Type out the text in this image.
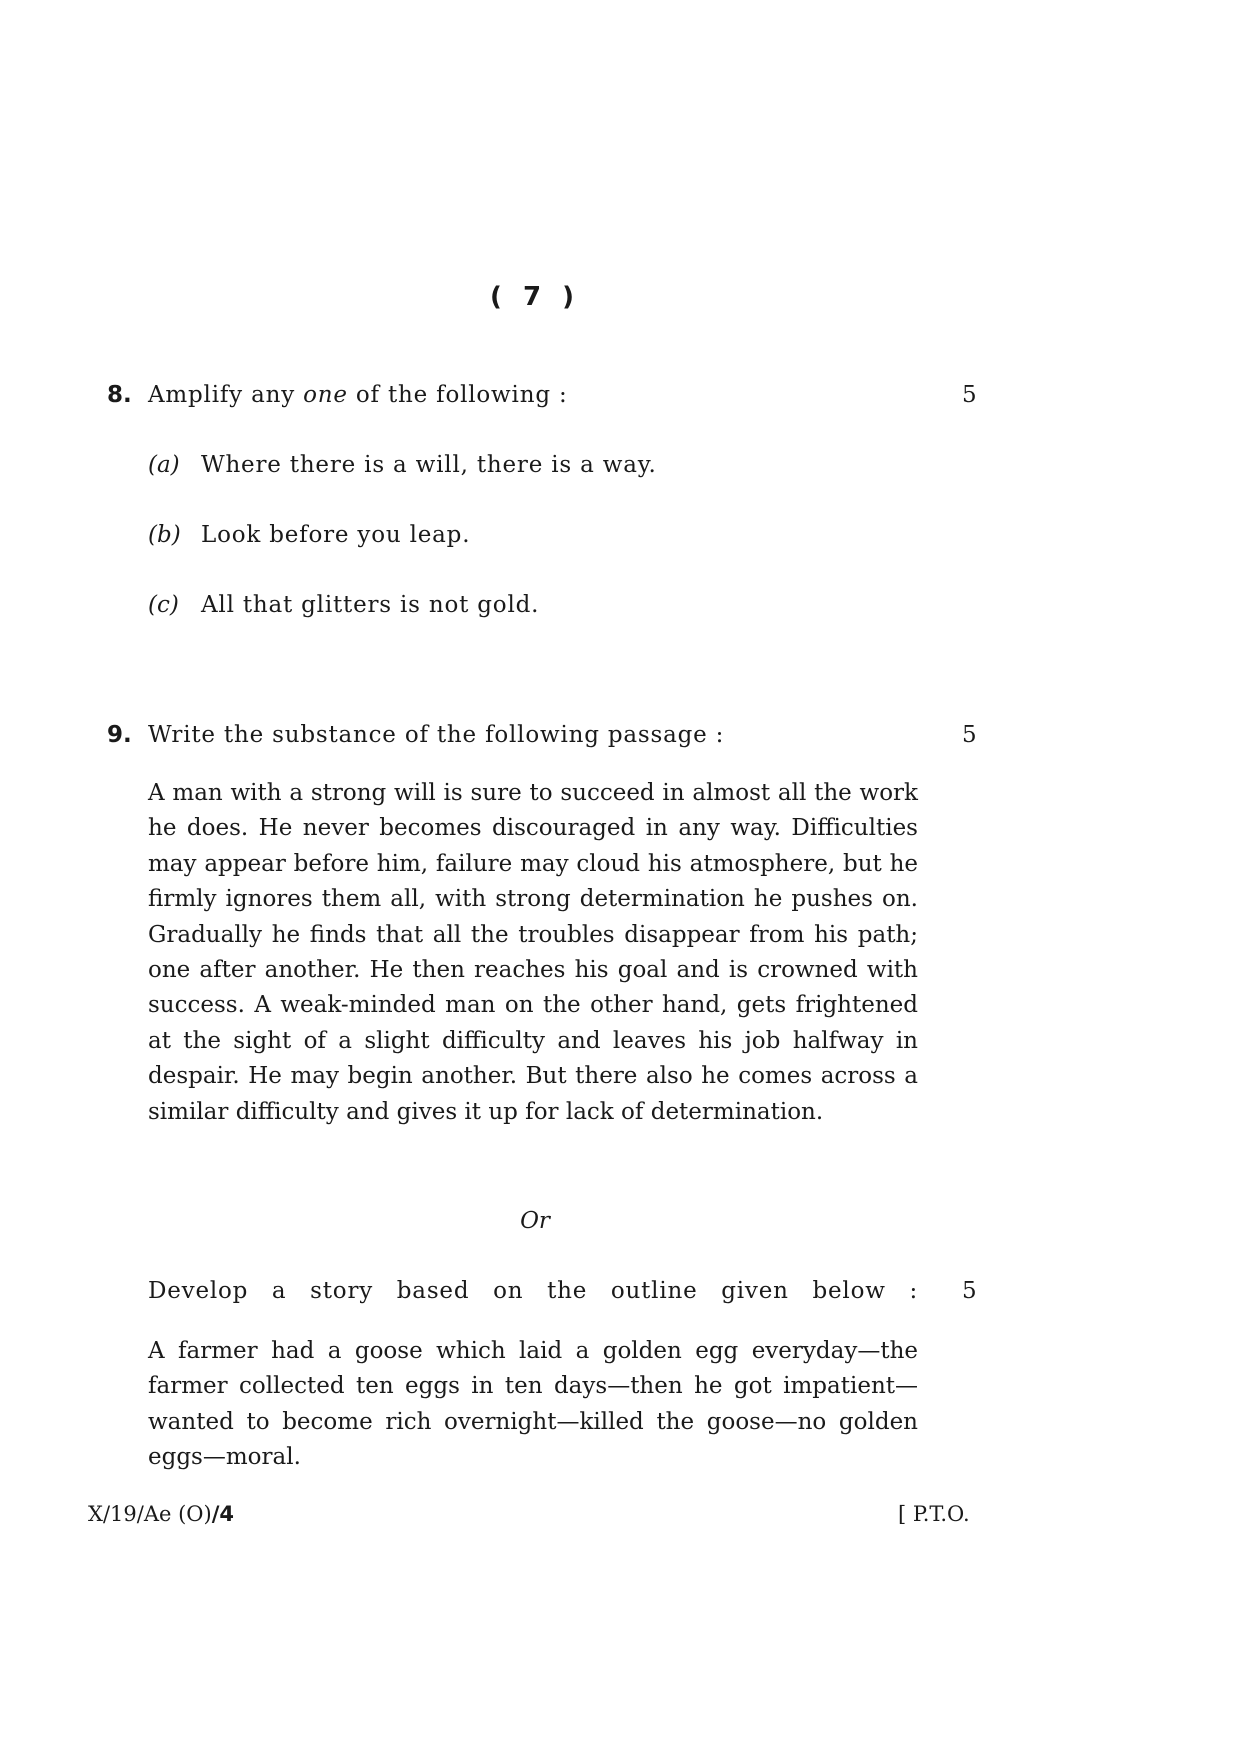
( 7 )
8. Amplify any one of the following :	5
(a) Where there is a will, there is a way.
(b) Look before you leap.
(c) All that glitters is not gold.
9. Write the substance of the following passage :	5
A man with a strong will is sure to succeed in almost all the work he does. He never becomes discouraged in any way. Difficulties may appear before him, failure may cloud his atmosphere, but he firmly ignores them all, with strong determination he pushes on. Gradually he finds that all the troubles disappear from his path; one after another. He then reaches his goal and is crowned with success. A weak-minded man on the other hand, gets frightened at the sight of a slight difficulty and leaves his job halfway in despair. He may begin another. But there also he comes across a similar difficulty and gives it up for lack of determination.
Or
Develop a story based on the outline given below : 5
A farmer had a goose which laid a golden egg everyday—the farmer collected ten eggs in ten days—then he got impatient—wanted to become rich overnight—killed the goose—no golden eggs—moral.
X/19/Ae (O)/4	[ P.T.O.
